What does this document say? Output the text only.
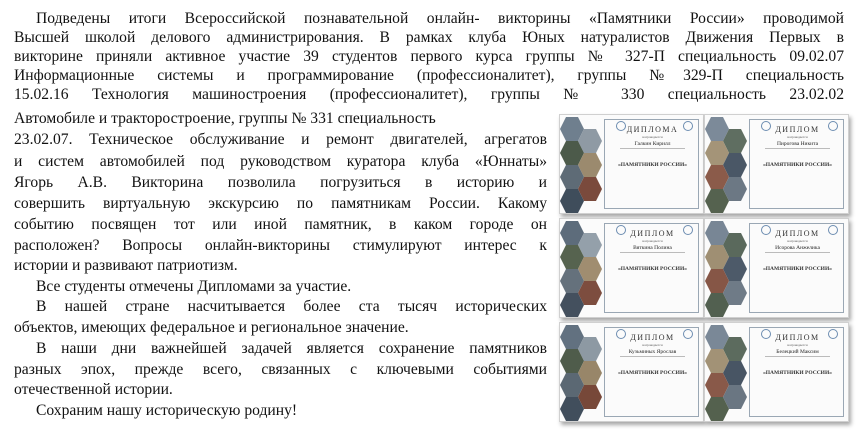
Подведены итоги Всероссийской познавательной онлайн- викторины «Памятники России» проводимой
Высшей школой делового администрирования. В рамках клуба Юных натуралистов Движения Первых в
викторине приняли активное участие 39 студентов первого курса группы № 327-П специальность 09.02.07
Информационные системы и программирование (профессионалитет), группы №329-П специальность
15.02.16 Технология машиностроения (профессионалитет), группы № 330 специальность 23.02.02
Автомобиле и тракторостроение, группы № 331 специальность
23.02.07. Техническое обслуживание и ремонт двигателей, агрегатов
и систем автомобилей под руководством куратора клуба «Юннаты»
Ягорь А.В. Викторина позволила погрузиться в историю и
совершить виртуальную экскурсию по памятникам России. Какому
событию посвящен тот или иной памятник, в каком городе он
расположен? Вопросы онлайн-викторины стимулируют интерес к
истории и развивают патриотизм.
Все студенты отмечены Дипломами за участие.
В нашей стране насчитывается более ста тысяч исторических
объектов, имеющих федеральное и региональное значение.
В наши дни важнейшей задачей является сохранение памятников
разных эпох, прежде всего, связанных с ключевыми событиями
отечественной истории.
Сохраним нашу историческую родину!
ДИПЛОМА
награждается
Галкин Кирилл
«ПАМЯТНИКИ РОССИИ»
ДИПЛОМ
награждается
Пирогова Никита
«ПАМЯТНИКИ РОССИИ»
ДИПЛОМ
награждается
Вяткина Полина
«ПАМЯТНИКИ РОССИИ»
ДИПЛОМ
награждается
Исорова Анжелика
«ПАМЯТНИКИ РОССИИ»
ДИПЛОМ
награждается
Кузьминых Ярослав
«ПАМЯТНИКИ РОССИИ»
ДИПЛОМ
награждается
Белецкий Максим
«ПАМЯТНИКИ РОССИИ»
